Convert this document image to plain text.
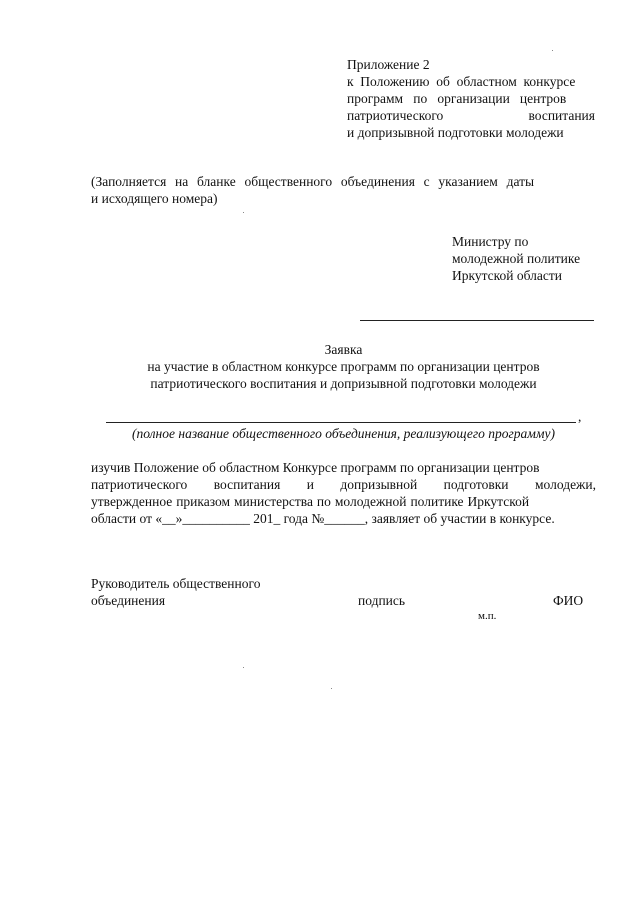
Приложение 2
к  Положению  об  областном  конкурсе
программ   по   организации   центров
патриотического	воспитания
и допризывной подготовки молодежи
(Заполняется  на  бланке  общественного  объединения  с  указанием  даты
и исходящего номера)
Министру по
молодежной политике
Иркутской области
Заявка
на участие в областном конкурсе программ по организации центров
патриотического воспитания и допризывной подготовки молодежи
,
(полное название общественного объединения, реализующего программу)
изучив Положение об областном Конкурсе программ по организации центров
патриотического воспитания и допризывной подготовки молодежи,
утвержденное приказом министерства по молодежной политике Иркутской
области от «__»__________ 201_ года №______, заявляет об участии в конкурсе.
Руководитель общественного
объединения	подпись	ФИО
м.п.
